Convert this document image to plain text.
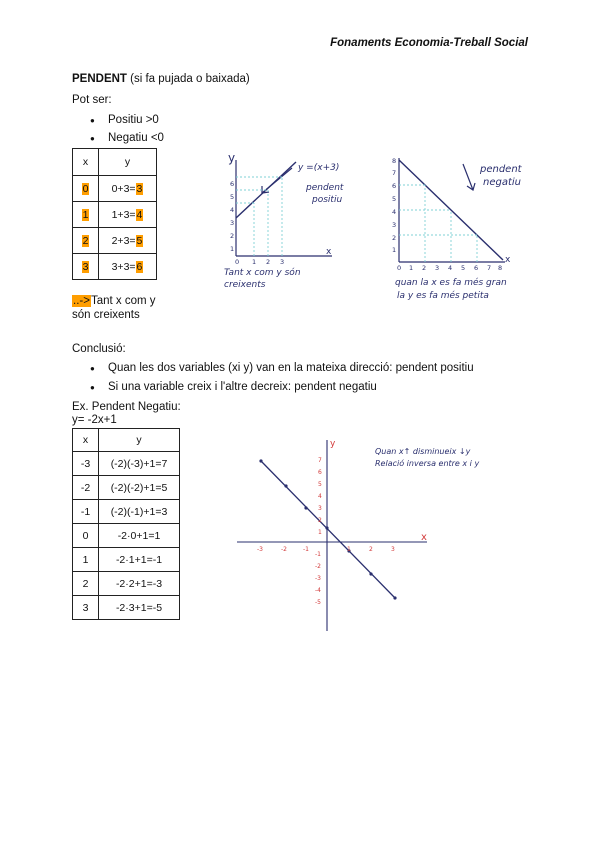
Fonaments Economia-Treball Social
PENDENT (si fa pujada o baixada)
Pot ser:
● Positiu >0
● Negatiu <0
x	y
0	0+3=3
1	1+3=4
2	2+3=5
3	3+3=6
..->Tant x com y
són creixents
1
2
3
4
5
6
0 1 2 3
x
y
y =(x+3)
pendent
positiu
Tant x com y són
creixents
1
2
3
4
5
6
7
8
0 1 2 3 4 5 6 7 8
x
pendent
negatiu
quan la x es fa més gran
la y es fa més petita
Conclusió:
● Quan les dos variables (xi y) van en la mateixa direcció: pendent positiu
● Si una variable creix i l'altre decreix: pendent negatiu
Ex. Pendent Negatiu:
y= -2x+1
x	y
-3	(-2)(-3)+1=7
-2	(-2)(-2)+1=5
-1	(-2)(-1)+1=3
0	-2·0+1=1
1	-2·1+1=-1
2	-2·2+1=-3
3	-2·3+1=-5
-3	-2	-1	1	2	3
7
6
5
4
3
2
1
-1
-2
-3
-4
-5
x
y
Quan x↑ disminueix ↓y
Relació inversa entre x i y
